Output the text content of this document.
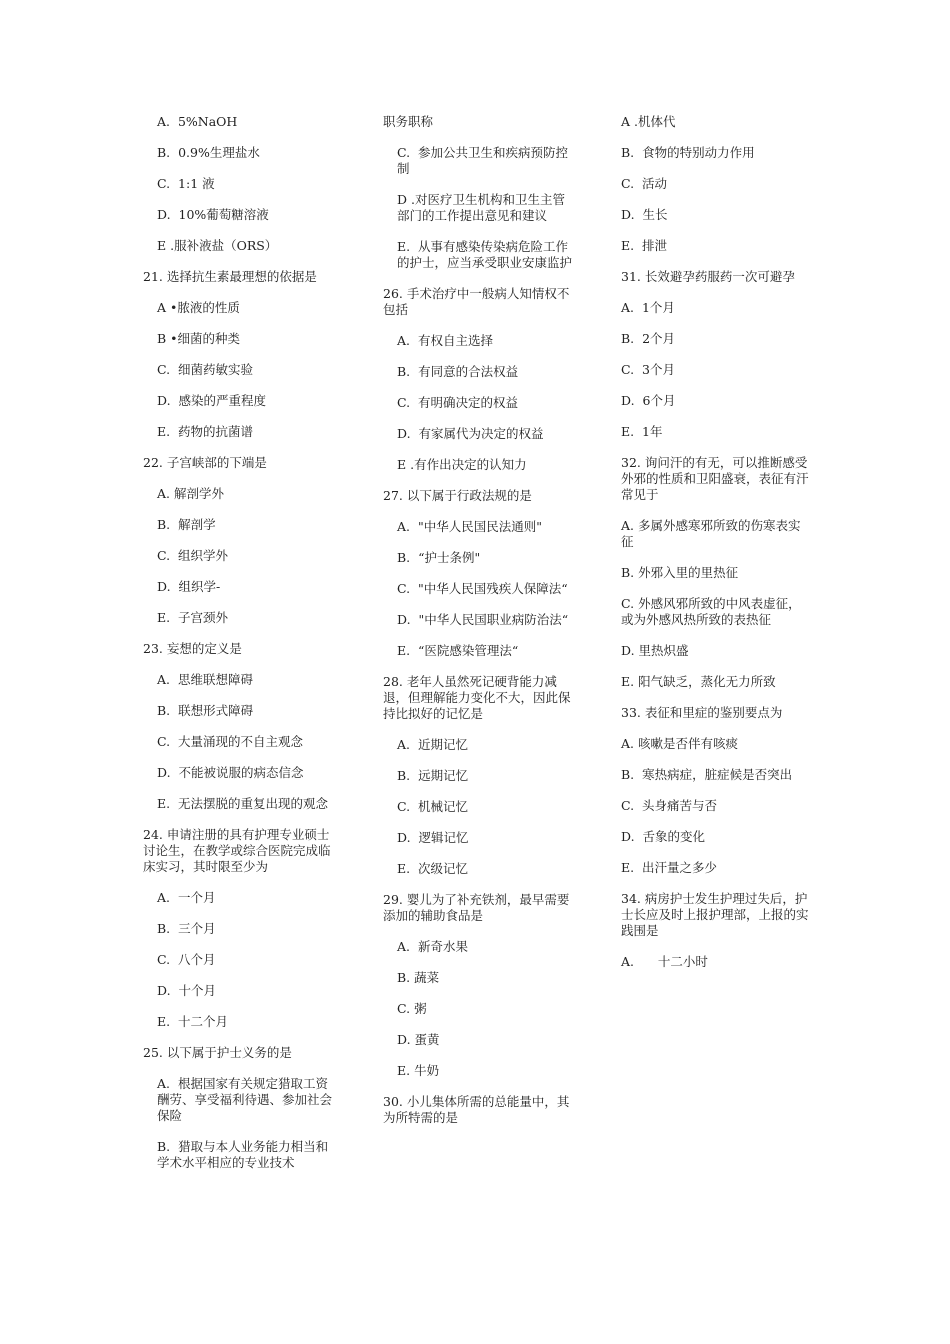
A.  5%NaOH
B.  0.9%生理盐水
C.  1:1 液
D.  10%葡萄糖溶液
E .服补液盐（ORS）
21. 选择抗生素最理想的依据是
A •脓液的性质
B •细菌的种类
C.  细菌药敏实验
D.  感染的严重程度
E.  药物的抗菌谱
22. 子宫峡部的下端是
A. 解剖学外
B.  解剖学
C.  组织学外
D.  组织学-
E.  子宫颈外
23. 妄想的定义是
A.  思维联想障碍
B.  联想形式障碍
C.  大量涌现的不自主观念
D.  不能被说服的病态信念
E.  无法摆脱的重复出现的观念
24. 申请注册的具有护理专业硕士讨论生，在教学或综合医院完成临床实习，其时限至少为
A.  一个月
B.  三个月
C.  八个月
D.  十个月
E.  十二个月
25. 以下属于护士义务的是
A.  根据国家有关规定猎取工资酬劳、享受福利待遇、参加社会保险
B.  猎取与本人业务能力相当和学术水平相应的专业技术
职务职称
C.  参加公共卫生和疾病预防控制
D .对医疗卫生机构和卫生主管部门的工作提出意见和建议
E.  从事有感染传染病危险工作的护士，应当承受职业安康监护
26. 手术治疗中一般病人知情权不包括
A.  有权自主选择
B.  有同意的合法权益
C.  有明确决定的权益
D.  有家属代为决定的权益
E .有作出决定的认知力
27. 以下属于行政法规的是
A.  "中华人民国民法通则"
B.  “护士条例"
C.  "中华人民国残疾人保障法“
D.  "中华人民国职业病防治法“
E.  “医院感染管理法“
28. 老年人虽然死记硬背能力减退，但理解能力变化不大，因此保持比拟好的记忆是
A.  近期记忆
B.  远期记忆
C.  机械记忆
D.  逻辑记忆
E.  次级记忆
29. 婴儿为了补充铁剂，最早需要添加的辅助食品是
A.  新奇水果
B. 蔬菜
C. 粥
D. 蛋黄
E. 牛奶
30. 小儿集体所需的总能量中，其为所特需的是
A .机体代
B.  食物的特别动力作用
C.  活动
D.  生长
E.  排泄
31. 长效避孕药服药一次可避孕
A.  1个月
B.  2个月
C.  3个月
D.  6个月
E.  1年
32. 询问汗的有无，可以推断感受外邪的性质和卫阳盛衰，表征有汗常见于
A. 多属外感寒邪所致的伤寒表实征
B. 外邪入里的里热征
C. 外感风邪所致的中风表虚征，或为外感风热所致的表热征
D. 里热炽盛
E. 阳气缺乏，蒸化无力所致
33. 表征和里症的鉴别要点为
A. 咳嗽是否伴有咳痰
B.  寒热病症，脏症候是否突出
C.  头身痛苦与否
D.  舌象的变化
E.  出汗量之多少
34. 病房护士发生护理过失后，护士长应及时上报护理部，上报的实践围是
A.      十二小时
